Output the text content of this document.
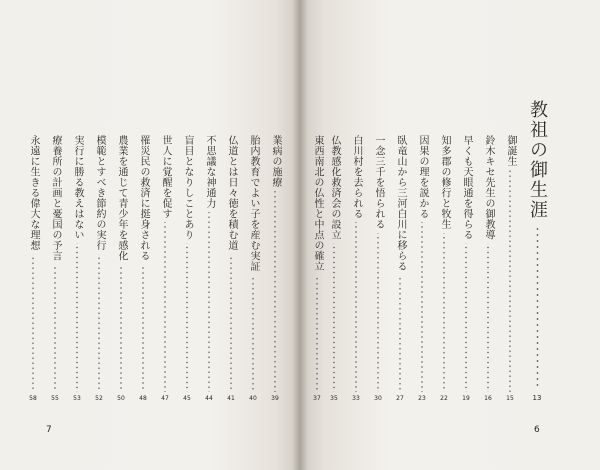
教祖の御生涯
13
御誕生
15
鈴木キセ先生の御教導
16
早くも天眼通を得らる
19
知多郡の修行と牧生
22
因果の理を説かる
23
臥竜山から三河白川に移らる
27
一念三千を悟られる
30
白川村を去られる
33
仏教感化救済会の設立
35
東西南北の仏性と中点の確立
37
業病の施療
39
胎内教育でよい子を産む実証
40
仏道とは日々徳を積む道
41
不思議な神通力
44
盲目となりしことあり
45
世人に覚醒を促す
47
罹災民の救済に挺身される
48
農業を通じて青少年を感化
50
模範とすべき節約の実行
52
実行に勝る教えはない
53
療養所の計画と憂国の予言
55
永遠に生きる偉大な理想
58
7	6
